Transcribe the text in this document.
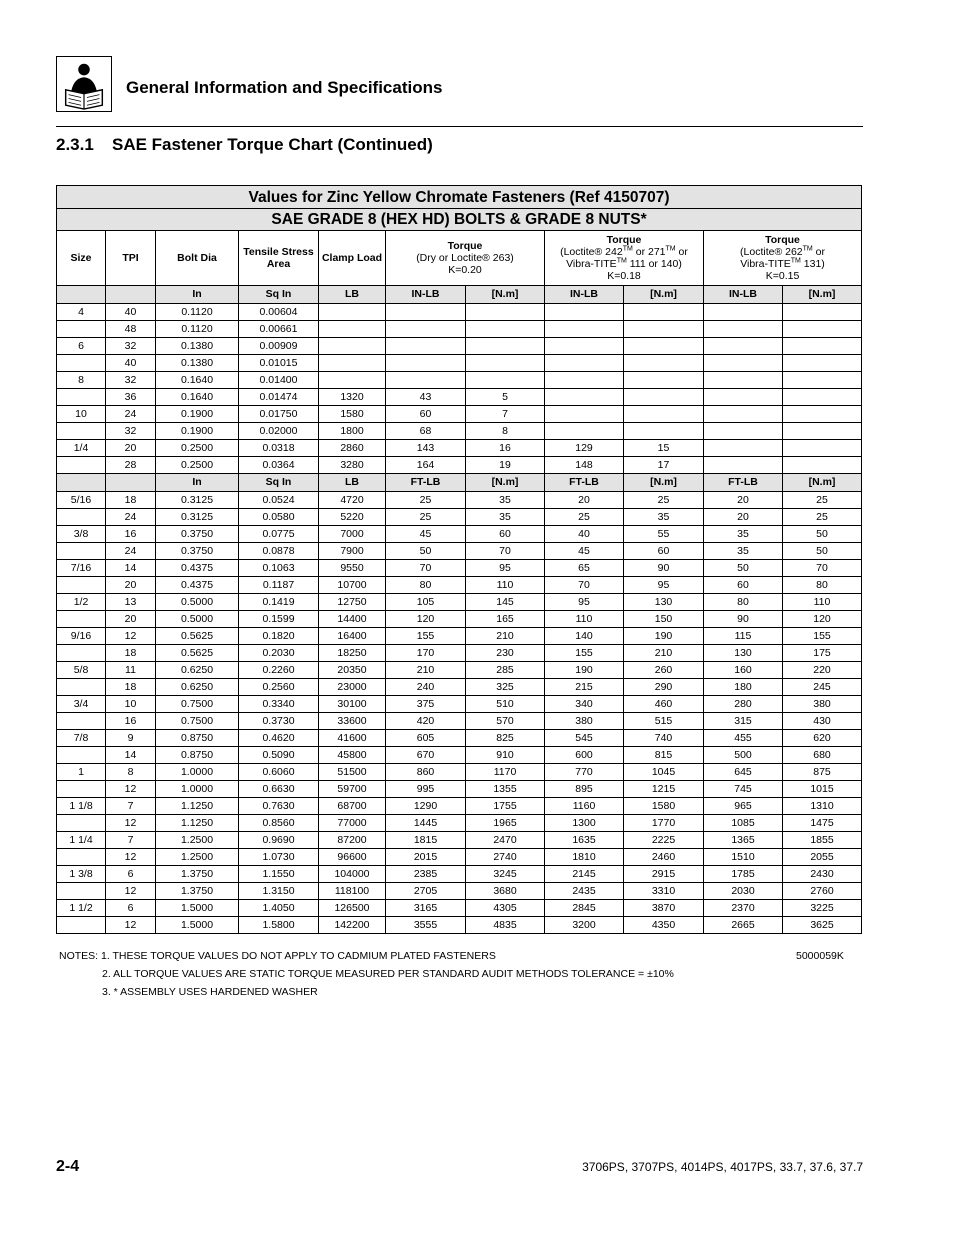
General Information and Specifications
2.3.1 SAE Fastener Torque Chart (Continued)
Values for Zinc Yellow Chromate Fasteners (Ref 4150707)										
SAE GRADE 8 (HEX HD) BOLTS & GRADE 8 NUTS*										
Size	TPI	Bolt Dia	Tensile Stress Area	Clamp Load	Torque
(Dry or Loctite® 263)
K=0.20		Torque
(Loctite® 242™ or 271™ or
Vibra-TITE™ 111 or 140)
K=0.18		Torque
(Loctite® 262™ or
Vibra-TITE™ 131)
K=0.15	
		In	Sq In	LB	IN-LB	[N.m]	IN-LB	[N.m]	IN-LB	[N.m]
4	40	0.1120	0.00604							
	48	0.1120	0.00661							
6	32	0.1380	0.00909							
	40	0.1380	0.01015							
8	32	0.1640	0.01400							
	36	0.1640	0.01474	1320	43	5				
10	24	0.1900	0.01750	1580	60	7				
	32	0.1900	0.02000	1800	68	8				
1/4	20	0.2500	0.0318	2860	143	16	129	15		
	28	0.2500	0.0364	3280	164	19	148	17		
		In	Sq In	LB	FT-LB	[N.m]	FT-LB	[N.m]	FT-LB	[N.m]
5/16	18	0.3125	0.0524	4720	25	35	20	25	20	25
	24	0.3125	0.0580	5220	25	35	25	35	20	25
3/8	16	0.3750	0.0775	7000	45	60	40	55	35	50
	24	0.3750	0.0878	7900	50	70	45	60	35	50
7/16	14	0.4375	0.1063	9550	70	95	65	90	50	70
	20	0.4375	0.1187	10700	80	110	70	95	60	80
1/2	13	0.5000	0.1419	12750	105	145	95	130	80	110
	20	0.5000	0.1599	14400	120	165	110	150	90	120
9/16	12	0.5625	0.1820	16400	155	210	140	190	115	155
	18	0.5625	0.2030	18250	170	230	155	210	130	175
5/8	11	0.6250	0.2260	20350	210	285	190	260	160	220
	18	0.6250	0.2560	23000	240	325	215	290	180	245
3/4	10	0.7500	0.3340	30100	375	510	340	460	280	380
	16	0.7500	0.3730	33600	420	570	380	515	315	430
7/8	9	0.8750	0.4620	41600	605	825	545	740	455	620
	14	0.8750	0.5090	45800	670	910	600	815	500	680
1	8	1.0000	0.6060	51500	860	1170	770	1045	645	875
	12	1.0000	0.6630	59700	995	1355	895	1215	745	1015
1 1/8	7	1.1250	0.7630	68700	1290	1755	1160	1580	965	1310
	12	1.1250	0.8560	77000	1445	1965	1300	1770	1085	1475
1 1/4	7	1.2500	0.9690	87200	1815	2470	1635	2225	1365	1855
	12	1.2500	1.0730	96600	2015	2740	1810	2460	1510	2055
1 3/8	6	1.3750	1.1550	104000	2385	3245	2145	2915	1785	2430
	12	1.3750	1.3150	118100	2705	3680	2435	3310	2030	2760
1 1/2	6	1.5000	1.4050	126500	3165	4305	2845	3870	2370	3225
	12	1.5000	1.5800	142200	3555	4835	3200	4350	2665	3625
NOTES: 1. THESE TORQUE VALUES DO NOT APPLY TO CADMIUM PLATED FASTENERS
2. ALL TORQUE VALUES ARE STATIC TORQUE MEASURED PER STANDARD AUDIT METHODS TOLERANCE = ±10%
3. * ASSEMBLY USES HARDENED WASHER
5000059K
2-4	3706PS, 3707PS, 4014PS, 4017PS, 33.7, 37.6, 37.7
